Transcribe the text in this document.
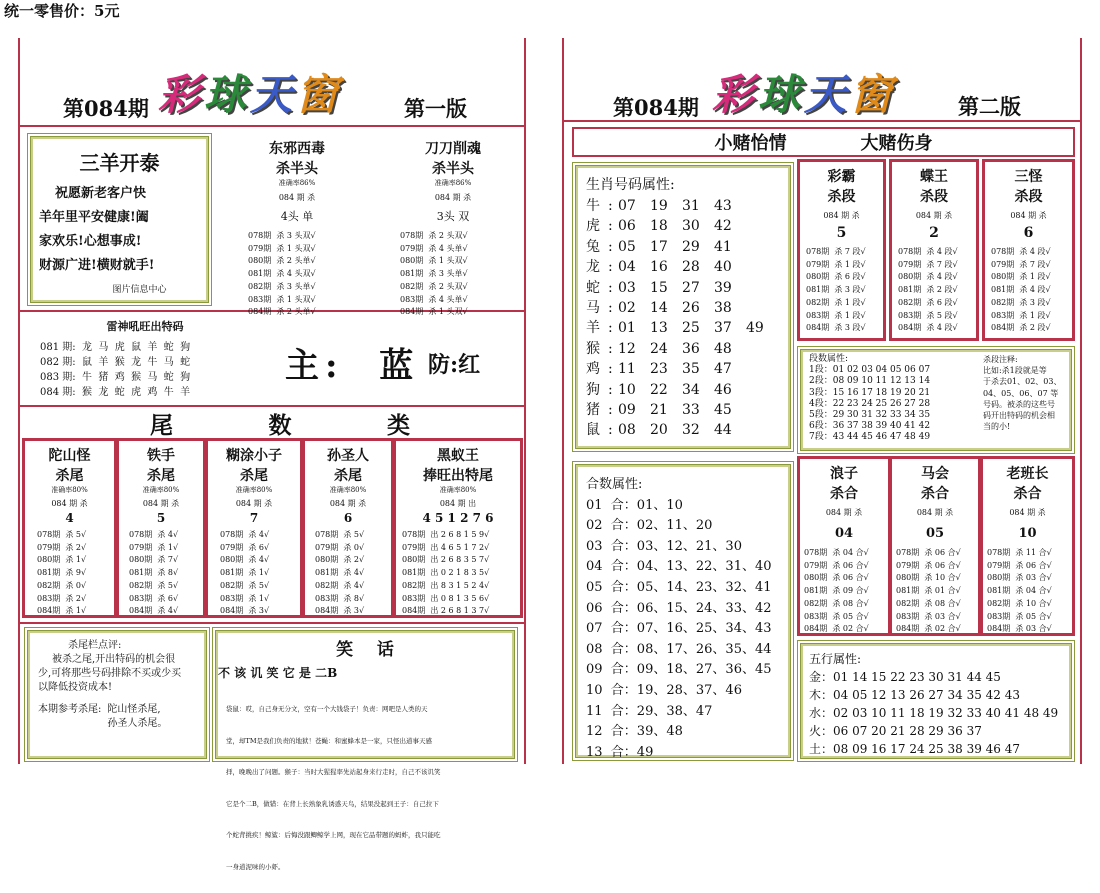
统一零售价：5元
第084期 彩球天窗	第一版
三羊开泰
祝愿新老客户快
羊年里平安健康!阖
家欢乐!心想事成!
财源广进!横财就手!
图片信息中心
东邪西毒
杀半头
准确率86%
084 期 杀
4头 单
078期  杀 3 头双√
079期  杀 1 头双√
080期  杀 2 头单√
081期  杀 4 头双√
082期  杀 3 头单√
083期  杀 1 头双√
084期  杀 2 头单√
刀刀削魂
杀半头
准确率86%
084 期 杀
3头 双
078期  杀 2 头双√
079期  杀 4 头单√
080期  杀 1 头双√
081期  杀 3 头单√
082期  杀 2 头双√
083期  杀 4 头单√
084期  杀 1 头双√
雷神吼旺出特码
081 期:  龙  马  虎  鼠  羊  蛇  狗
082 期:  鼠  羊  猴  龙  牛  马  蛇
083 期:  牛  猪  鸡  猴  马  蛇  狗
084 期:  猴  龙  蛇  虎  鸡  牛  羊
主:  蓝 防:红
尾	数	类
陀山怪
杀尾
准确率80%
084 期 杀
4
078期  杀 5√
079期  杀 2√
080期  杀 1√
081期  杀 9√
082期  杀 0√
083期  杀 2√
084期  杀 1√
铁手
杀尾
准确率80%
084 期 杀
5
078期  杀 4√
079期  杀 1√
080期  杀 7√
081期  杀 8√
082期  杀 5√
083期  杀 6√
084期  杀 4√
糊涂小子
杀尾
准确率80%
084 期 杀
7
078期  杀 4√
079期  杀 6√
080期  杀 4√
081期  杀 1√
082期  杀 5√
083期  杀 1√
084期  杀 3√
孙圣人
杀尾
准确率80%
084 期 杀
6
078期  杀 5√
079期  杀 0√
080期  杀 2√
081期  杀 4√
082期  杀 4√
083期  杀 8√
084期  杀 3√
黑蚁王
捧旺出特尾
准确率80%
084 期 出
4 5 1 2 7 6
078期  出 2 6 8 1 5 9√
079期  出 4 6 5 1 7 2√
080期  出 2 6 8 3 5 7√
081期  出 0 2 1 8 3 5√
082期  出 8 3 1 5 2 4√
083期  出 0 8 1 3 5 6√
084期  出 2 6 8 1 3 7√
杀尾栏点评:
被杀之尾,开出特码的机会很
少,可将那些号码排除不买或少买
以降低投资成本!
本期参考杀尾: 陀山怪杀尾,
孙圣人杀尾。
笑    话
不 该 讥 笑 它 是 二B

袋鼠：哎，自己身无分文，空有一个大钱袋子！负责：网吧是人类的天

堂，却TM是我们负责的地狱！苍蝇：和蜜蜂本是一家，只怪出道事天感

拝，晚晚出了问题。猴子：当时大猩猩率先站起身来行走时，自己不该讥笑

它是个二B，做错：在背上长熟象乳诱惑天鸟，结果没起到王子：自己拉下

个蛇背挑疾！鲸鲨：后悔没跟鲫鲸学上网，现在它品带题的蚂蚱，我只能吃

一身道泥味的小虾。

第084期 彩球天窗	第二版
小赌怡情	大赌伤身
生肖号码属性:
牛 : 07	19	31	43
虎 : 06	18	30	42
兔 : 05	17	29	41
龙 : 04	16	28	40
蛇 : 03	15	27	39
马 : 02	14	26	38
羊 : 01	13	25	37	49
猴 : 12	24	36	48
鸡 : 11	23	35	47
狗 : 10	22	34	46
猪 : 09	21	33	45
鼠 : 08	20	32	44
彩霸
杀段
084 期 杀
5
078期  杀 7 段√
079期  杀 1 段√
080期  杀 6 段√
081期  杀 3 段√
082期  杀 1 段√
083期  杀 1 段√
084期  杀 3 段√
蝶王
杀段
084 期 杀
2
078期  杀 4 段√
079期  杀 7 段√
080期  杀 4 段√
081期  杀 2 段√
082期  杀 6 段√
083期  杀 5 段√
084期  杀 4 段√
三怪
杀段
084 期 杀
6
078期  杀 4 段√
079期  杀 7 段√
080期  杀 1 段√
081期  杀 4 段√
082期  杀 3 段√
083期  杀 1 段√
084期  杀 2 段√
段数属性:
1段：01 02 03 04 05 06 07
2段：08 09 10 11 12 13 14
3段：15 16 17 18 19 20 21
4段：22 23 24 25 26 27 28
5段：29 30 31 32 33 34 35
6段：36 37 38 39 40 41 42
7段：43 44 45 46 47 48 49
杀段注释:
比如:杀1段就是等
于杀去01、02、03、
04、05、06、07 等
号码。被杀的这些号
码开出特码的机会相
当的小!
合数属性:
01  合：01、10
02  合：02、11、20
03  合：03、12、21、30
04  合：04、13、22、31、40
05  合：05、14、23、32、41
06  合：06、15、24、33、42
07  合：07、16、25、34、43
08  合：08、17、26、35、44
09  合：09、18、27、36、45
10  合：19、28、37、46
11  合：29、38、47
12  合：39、48
13  合：49
浪子
杀合
084 期 杀
04
078期  杀 04 合√
079期  杀 06 合√
080期  杀 06 合√
081期  杀 09 合√
082期  杀 08 合√
083期  杀 05 合√
084期  杀 02 合√
马会
杀合
084 期 杀
05
078期  杀 06 合√
079期  杀 06 合√
080期  杀 10 合√
081期  杀 01 合√
082期  杀 08 合√
083期  杀 03 合√
084期  杀 02 合√
老班长
杀合
084 期 杀
10
078期  杀 11 合√
079期  杀 06 合√
080期  杀 03 合√
081期  杀 04 合√
082期  杀 10 合√
083期  杀 05 合√
084期  杀 03 合√
五行属性:
金：01 14 15 22 23 30 31 44 45
木：04 05 12 13 26 27 34 35 42 43
水：02 03 10 11 18 19 32 33 40 41 48 49
火：06 07 20 21 28 29 36 37
土：08 09 16 17 24 25 38 39 46 47
